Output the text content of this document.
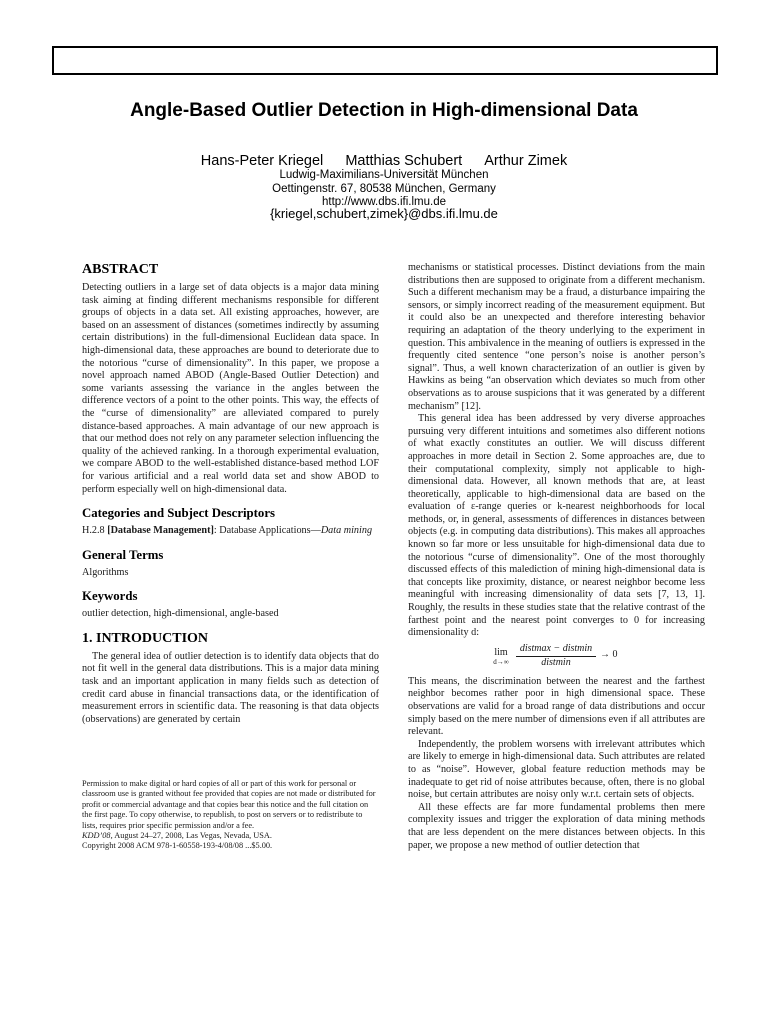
Angle-Based Outlier Detection in High-dimensional Data
Hans-Peter Kriegel Matthias Schubert Arthur Zimek
Ludwig-Maximilians-Universität München
Oettingenstr. 67, 80538 München, Germany
http://www.dbs.ifi.lmu.de
{kriegel,schubert,zimek}@dbs.ifi.lmu.de
ABSTRACT

Detecting outliers in a large set of data objects is a major data mining task aiming at finding different mechanisms responsible for different groups of objects in a data set. All existing approaches, however, are based on an assessment of distances (sometimes indirectly by assuming certain distributions) in the full-dimensional Euclidean data space. In high-dimensional data, these approaches are bound to deteriorate due to the notorious “curse of dimensionality”. In this paper, we propose a novel approach named ABOD (Angle-Based Outlier Detection) and some variants assessing the variance in the angles between the difference vectors of a point to the other points. This way, the effects of the “curse of dimensionality” are alleviated compared to purely distance-based approaches. A main advantage of our new approach is that our method does not rely on any parameter selection influencing the quality of the achieved ranking. In a thorough experimental evaluation, we compare ABOD to the well-established distance-based method LOF for various artificial and a real world data set and show ABOD to perform especially well on high-dimensional data.

Categories and Subject Descriptors

H.2.8 [Database Management]: Database Applications—Data mining

General Terms

Algorithms

Keywords

outlier detection, high-dimensional, angle-based

1. INTRODUCTION

The general idea of outlier detection is to identify data objects that do not fit well in the general data distributions. This is a major data mining task and an important application in many fields such as detection of credit card abuse in financial transactions data, or the identification of measurement errors in scientific data. The reasoning is that data objects (observations) are generated by certain

Permission to make digital or hard copies of all or part of this work for personal or classroom use is granted without fee provided that copies are not made or distributed for profit or commercial advantage and that copies bear this notice and the full citation on the first page. To copy otherwise, to republish, to post on servers or to redistribute to lists, requires prior specific permission and/or a fee.
KDD’08, August 24–27, 2008, Las Vegas, Nevada, USA.
Copyright 2008 ACM 978-1-60558-193-4/08/08 ...$5.00.

mechanisms or statistical processes. Distinct deviations from the main distributions then are supposed to originate from a different mechanism. Such a different mechanism may be a fraud, a disturbance impairing the sensors, or simply incorrect reading of the measurement equipment. But it could also be an unexpected and therefore interesting behavior requiring an adaptation of the theory underlying to the experiment in question. This ambivalence in the meaning of outliers is expressed in the frequently cited sentence “one person’s noise is another person’s signal”. Thus, a well known characterization of an outlier is given by Hawkins as being “an observation which deviates so much from other observations as to arouse suspicions that it was generated by a different mechanism” [12].

This general idea has been addressed by very diverse approaches pursuing very different intuitions and sometimes also different notions of what exactly constitutes an outlier. We will discuss different approaches in more detail in Section 2. Some approaches are, due to their computational complexity, simply not applicable to high-dimensional data. However, all known methods that are, at least theoretically, applicable to high-dimensional data are based on the evaluation of ε-range queries or k-nearest neighborhoods for local methods, or, in general, assessments of differences in distances between objects (e.g. in computing data distributions). This makes all approaches known so far more or less unsuitable for high-dimensional data due to the notorious “curse of dimensionality”. One of the most thoroughly discussed effects of this malediction of mining high-dimensional data is that concepts like proximity, distance, or nearest neighbor become less meaningful with increasing dimensionality of data sets [7, 13, 1]. Roughly, the results in these studies state that the relative contrast of the farthest point and the nearest point converges to 0 for increasing dimensionality d:

lim
d→∞
distmax − distmin
distmin
→ 0

This means, the discrimination between the nearest and the farthest neighbor becomes rather poor in high dimensional space. These observations are valid for a broad range of data distributions and occur simply based on the mere number of dimensions even if all attributes are relevant.

Independently, the problem worsens with irrelevant attributes which are likely to emerge in high-dimensional data. Such attributes are related to as “noise”. However, global feature reduction methods may be inadequate to get rid of noise attributes because, often, there is no global noise, but certain attributes are noisy only w.r.t. certain sets of objects.

All these effects are far more fundamental problems then mere complexity issues and trigger the exploration of data mining methods that are less dependent on the mere distances between objects. In this paper, we propose a new method of outlier detection that
